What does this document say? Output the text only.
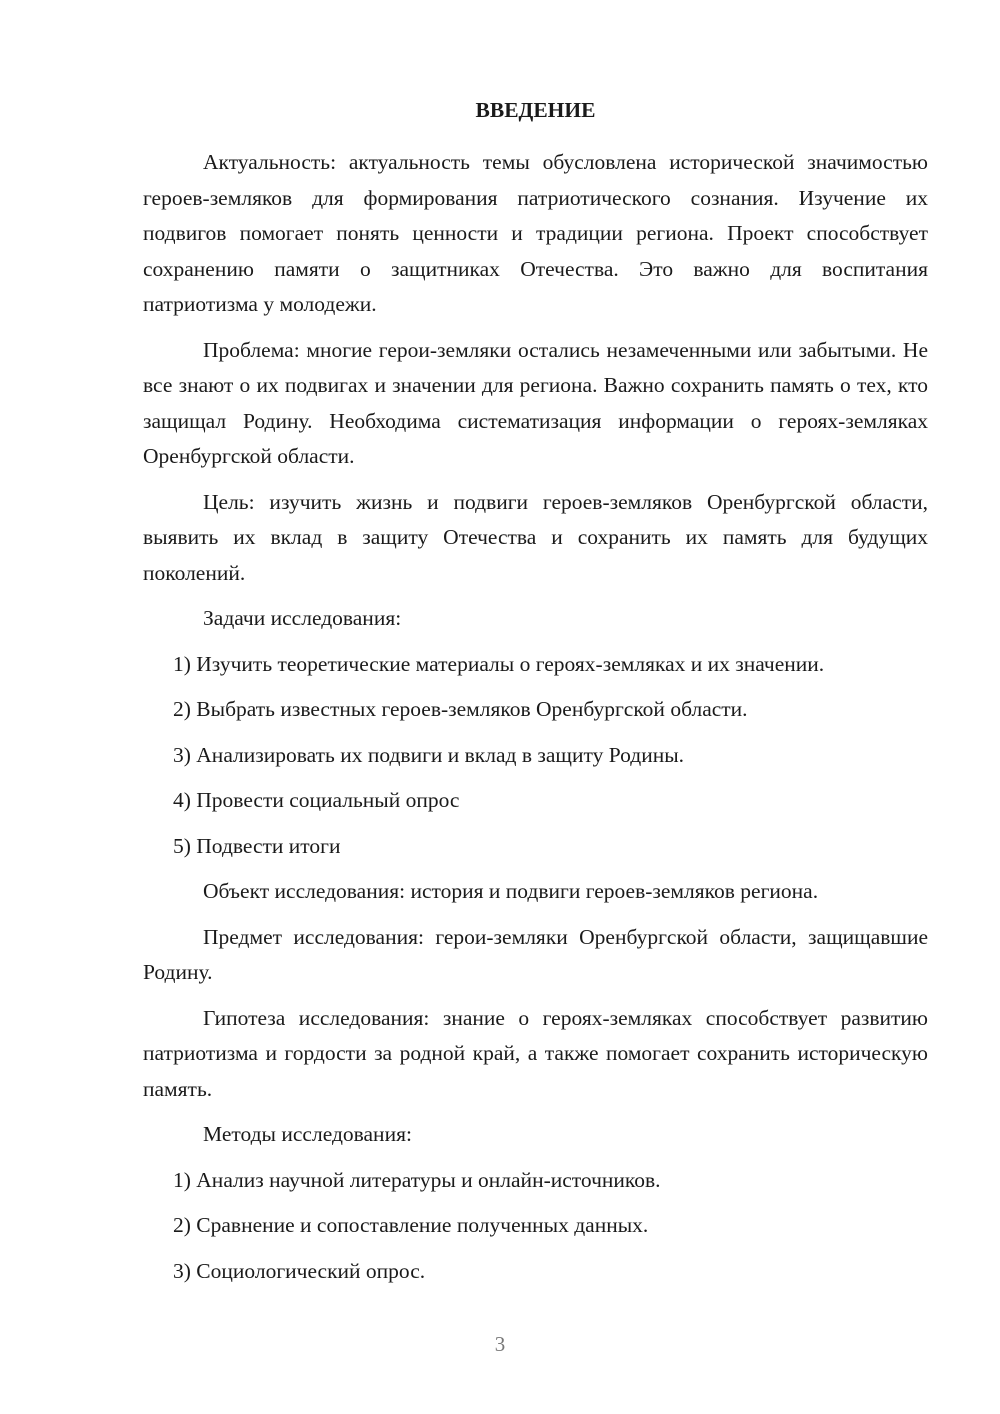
ВВЕДЕНИЕ

Актуальность: актуальность темы обусловлена исторической значимостью героев-земляков для формирования патриотического сознания. Изучение их подвигов помогает понять ценности и традиции региона. Проект способствует сохранению памяти о защитниках Отечества. Это важно для воспитания патриотизма у молодежи.

Проблема: многие герои-земляки остались незамеченными или забытыми. Не все знают о их подвигах и значении для региона. Важно сохранить память о тех, кто защищал Родину. Необходима систематизация информации о героях-земляках Оренбургской области.

Цель: изучить жизнь и подвиги героев-земляков Оренбургской области, выявить их вклад в защиту Отечества и сохранить их память для будущих поколений.

Задачи исследования:
1) Изучить теоретические материалы о героях-земляках и их значении.
2) Выбрать известных героев-земляков Оренбургской области.
3) Анализировать их подвиги и вклад в защиту Родины.
4) Провести социальный опрос
5) Подвести итоги

Объект исследования: история и подвиги героев-земляков региона.

Предмет исследования: герои-земляки Оренбургской области, защищавшие Родину.

Гипотеза исследования: знание о героях-земляках способствует развитию патриотизма и гордости за родной край, а также помогает сохранить историческую память.

Методы исследования:
1) Анализ научной литературы и онлайн-источников.
2) Сравнение и сопоставление полученных данных.
3) Социологический опрос.
3
